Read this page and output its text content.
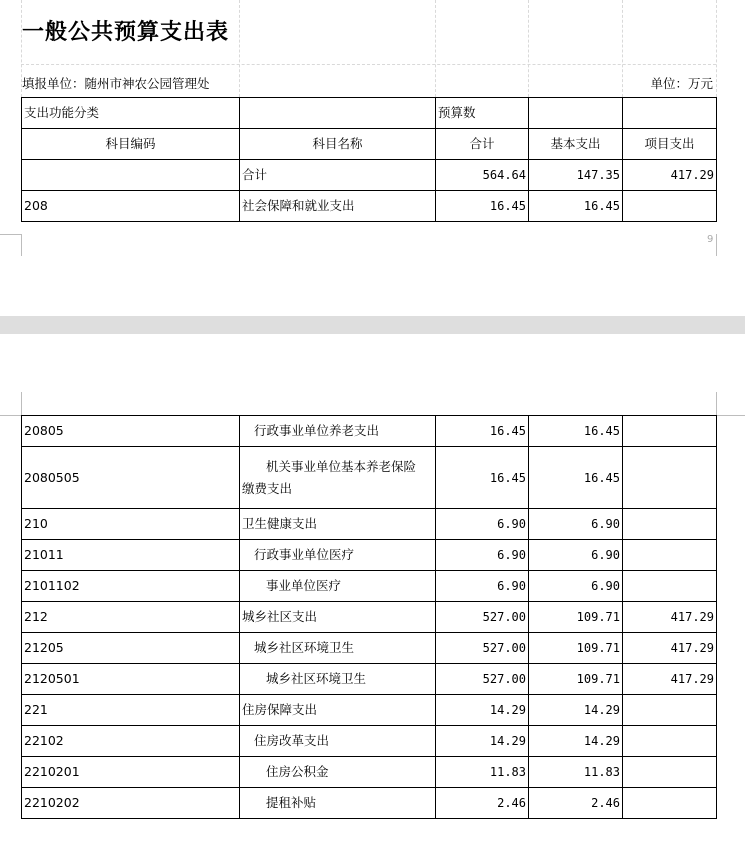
一般公共预算支出表
填报单位：随州市神农公园管理处	单位：万元
支出功能分类		预算数		
科目编码	科目名称	合计	基本支出	项目支出
	合计	564.64	147.35	417.29
208	社会保障和就业支出	16.45	16.45	
9
20805	行政事业单位养老支出	16.45	16.45	
2080505	机关事业单位基本养老保险
缴费支出	16.45	16.45	
210	卫生健康支出	6.90	6.90	
21011	行政事业单位医疗	6.90	6.90	
2101102	事业单位医疗	6.90	6.90	
212	城乡社区支出	527.00	109.71	417.29
21205	城乡社区环境卫生	527.00	109.71	417.29
2120501	城乡社区环境卫生	527.00	109.71	417.29
221	住房保障支出	14.29	14.29	
22102	住房改革支出	14.29	14.29	
2210201	住房公积金	11.83	11.83	
2210202	提租补贴	2.46	2.46	
